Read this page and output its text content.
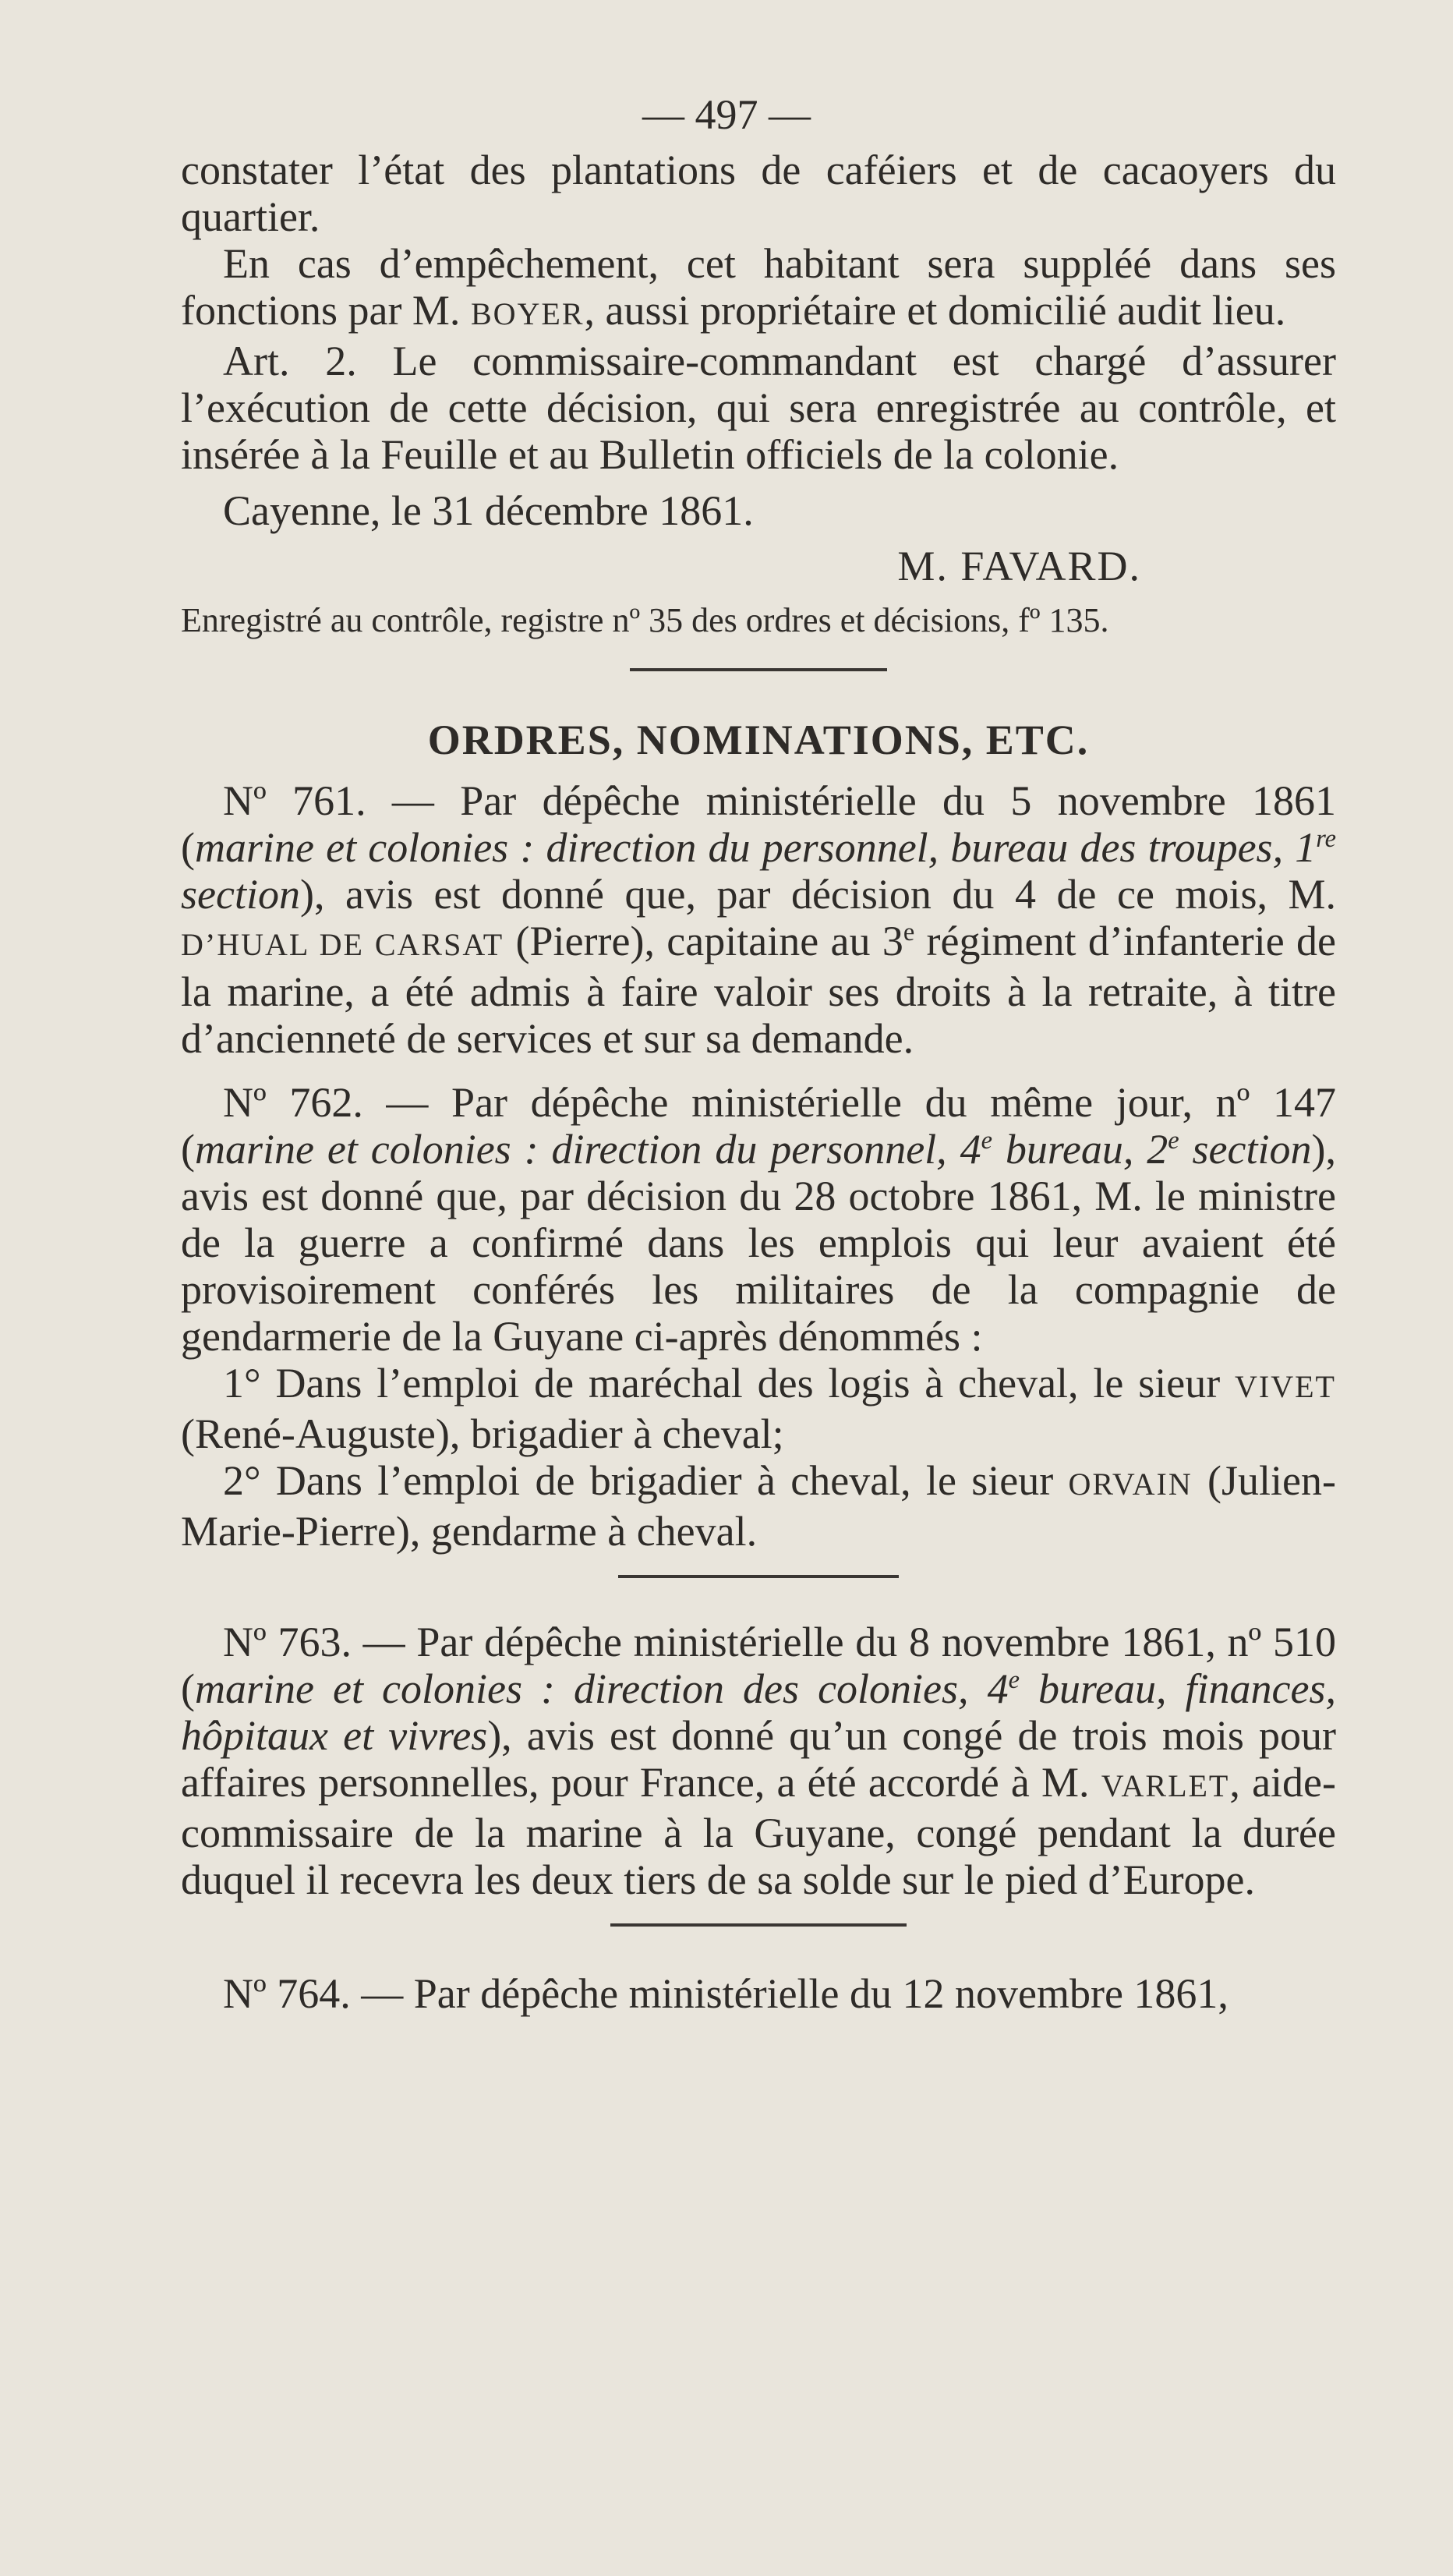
— 497 —

constater l’état des plantations de caféiers et de cacaoyers du quartier.

En cas d’empêchement, cet habitant sera suppléé dans ses fonctions par M. BOYER, aussi propriétaire et domicilié audit lieu.

Art. 2. Le commissaire-commandant est chargé d’assurer l’exécution de cette décision, qui sera enregistrée au contrôle, et insérée à la Feuille et au Bulletin officiels de la colonie.

Cayenne, le 31 décembre 1861.

M. FAVARD.

Enregistré au contrôle, registre nº 35 des ordres et décisions, fº 135.

ORDRES, NOMINATIONS, ETC.

Nº 761. — Par dépêche ministérielle du 5 novembre 1861 (marine et colonies : direction du personnel, bureau des troupes, 1re section), avis est donné que, par décision du 4 de ce mois, M. D’HUAL DE CARSAT (Pierre), capitaine au 3e régiment d’infanterie de la marine, a été admis à faire valoir ses droits à la retraite, à titre d’ancienneté de services et sur sa demande.

Nº 762. — Par dépêche ministérielle du même jour, nº 147 (marine et colonies : direction du personnel, 4e bureau, 2e section), avis est donné que, par décision du 28 octobre 1861, M. le ministre de la guerre a confirmé dans les emplois qui leur avaient été provisoirement conférés les militaires de la compagnie de gendarmerie de la Guyane ci-après dénommés :

1° Dans l’emploi de maréchal des logis à cheval, le sieur VIVET (René-Auguste), brigadier à cheval;

2° Dans l’emploi de brigadier à cheval, le sieur ORVAIN (Julien-Marie-Pierre), gendarme à cheval.

Nº 763. — Par dépêche ministérielle du 8 novembre 1861, nº 510 (marine et colonies : direction des colonies, 4e bureau, finances, hôpitaux et vivres), avis est donné qu’un congé de trois mois pour affaires personnelles, pour France, a été accordé à M. VARLET, aide-commissaire de la marine à la Guyane, congé pendant la durée duquel il recevra les deux tiers de sa solde sur le pied d’Europe.

Nº 764. — Par dépêche ministérielle du 12 novembre 1861,
